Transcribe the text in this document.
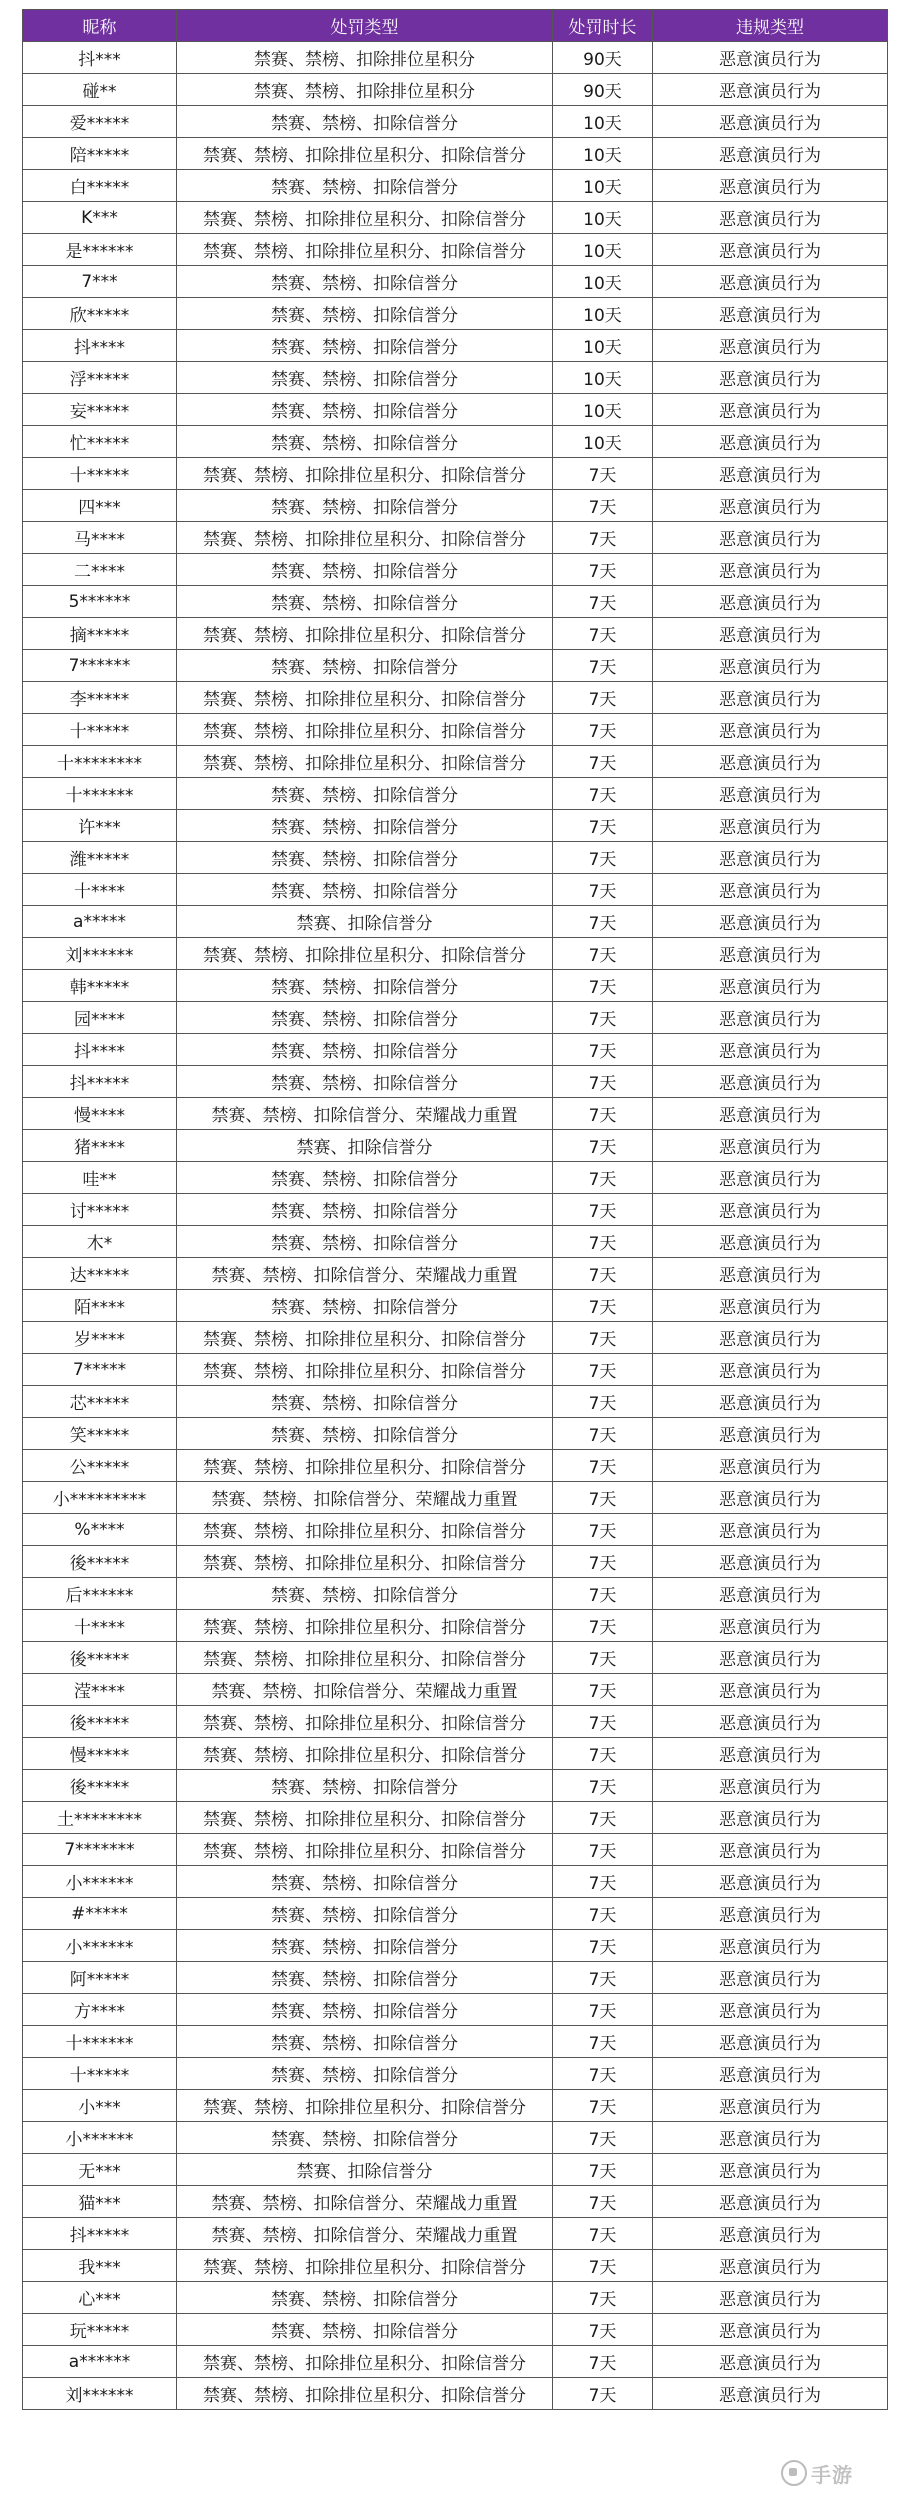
昵称	处罚类型	处罚时长	违规类型
抖***	禁赛、禁榜、扣除排位星积分	90天	恶意演员行为
碰**	禁赛、禁榜、扣除排位星积分	90天	恶意演员行为
爱*****	禁赛、禁榜、扣除信誉分	10天	恶意演员行为
陪*****	禁赛、禁榜、扣除排位星积分、扣除信誉分	10天	恶意演员行为
白*****	禁赛、禁榜、扣除信誉分	10天	恶意演员行为
K***	禁赛、禁榜、扣除排位星积分、扣除信誉分	10天	恶意演员行为
是******	禁赛、禁榜、扣除排位星积分、扣除信誉分	10天	恶意演员行为
7***	禁赛、禁榜、扣除信誉分	10天	恶意演员行为
欣*****	禁赛、禁榜、扣除信誉分	10天	恶意演员行为
抖****	禁赛、禁榜、扣除信誉分	10天	恶意演员行为
浮*****	禁赛、禁榜、扣除信誉分	10天	恶意演员行为
妄*****	禁赛、禁榜、扣除信誉分	10天	恶意演员行为
忙*****	禁赛、禁榜、扣除信誉分	10天	恶意演员行为
十*****	禁赛、禁榜、扣除排位星积分、扣除信誉分	7天	恶意演员行为
四***	禁赛、禁榜、扣除信誉分	7天	恶意演员行为
马****	禁赛、禁榜、扣除排位星积分、扣除信誉分	7天	恶意演员行为
二****	禁赛、禁榜、扣除信誉分	7天	恶意演员行为
5******	禁赛、禁榜、扣除信誉分	7天	恶意演员行为
摘*****	禁赛、禁榜、扣除排位星积分、扣除信誉分	7天	恶意演员行为
7******	禁赛、禁榜、扣除信誉分	7天	恶意演员行为
李*****	禁赛、禁榜、扣除排位星积分、扣除信誉分	7天	恶意演员行为
十*****	禁赛、禁榜、扣除排位星积分、扣除信誉分	7天	恶意演员行为
十********	禁赛、禁榜、扣除排位星积分、扣除信誉分	7天	恶意演员行为
十******	禁赛、禁榜、扣除信誉分	7天	恶意演员行为
许***	禁赛、禁榜、扣除信誉分	7天	恶意演员行为
潍*****	禁赛、禁榜、扣除信誉分	7天	恶意演员行为
十****	禁赛、禁榜、扣除信誉分	7天	恶意演员行为
a*****	禁赛、扣除信誉分	7天	恶意演员行为
刘******	禁赛、禁榜、扣除排位星积分、扣除信誉分	7天	恶意演员行为
韩*****	禁赛、禁榜、扣除信誉分	7天	恶意演员行为
园****	禁赛、禁榜、扣除信誉分	7天	恶意演员行为
抖****	禁赛、禁榜、扣除信誉分	7天	恶意演员行为
抖*****	禁赛、禁榜、扣除信誉分	7天	恶意演员行为
慢****	禁赛、禁榜、扣除信誉分、荣耀战力重置	7天	恶意演员行为
猪****	禁赛、扣除信誉分	7天	恶意演员行为
哇**	禁赛、禁榜、扣除信誉分	7天	恶意演员行为
讨*****	禁赛、禁榜、扣除信誉分	7天	恶意演员行为
木*	禁赛、禁榜、扣除信誉分	7天	恶意演员行为
达*****	禁赛、禁榜、扣除信誉分、荣耀战力重置	7天	恶意演员行为
陌****	禁赛、禁榜、扣除信誉分	7天	恶意演员行为
岁****	禁赛、禁榜、扣除排位星积分、扣除信誉分	7天	恶意演员行为
7*****	禁赛、禁榜、扣除排位星积分、扣除信誉分	7天	恶意演员行为
芯*****	禁赛、禁榜、扣除信誉分	7天	恶意演员行为
笑*****	禁赛、禁榜、扣除信誉分	7天	恶意演员行为
公*****	禁赛、禁榜、扣除排位星积分、扣除信誉分	7天	恶意演员行为
小*********	禁赛、禁榜、扣除信誉分、荣耀战力重置	7天	恶意演员行为
%****	禁赛、禁榜、扣除排位星积分、扣除信誉分	7天	恶意演员行为
後*****	禁赛、禁榜、扣除排位星积分、扣除信誉分	7天	恶意演员行为
后******	禁赛、禁榜、扣除信誉分	7天	恶意演员行为
十****	禁赛、禁榜、扣除排位星积分、扣除信誉分	7天	恶意演员行为
後*****	禁赛、禁榜、扣除排位星积分、扣除信誉分	7天	恶意演员行为
滢****	禁赛、禁榜、扣除信誉分、荣耀战力重置	7天	恶意演员行为
後*****	禁赛、禁榜、扣除排位星积分、扣除信誉分	7天	恶意演员行为
慢*****	禁赛、禁榜、扣除排位星积分、扣除信誉分	7天	恶意演员行为
後*****	禁赛、禁榜、扣除信誉分	7天	恶意演员行为
土********	禁赛、禁榜、扣除排位星积分、扣除信誉分	7天	恶意演员行为
7*******	禁赛、禁榜、扣除排位星积分、扣除信誉分	7天	恶意演员行为
小******	禁赛、禁榜、扣除信誉分	7天	恶意演员行为
#*****	禁赛、禁榜、扣除信誉分	7天	恶意演员行为
小******	禁赛、禁榜、扣除信誉分	7天	恶意演员行为
阿*****	禁赛、禁榜、扣除信誉分	7天	恶意演员行为
方****	禁赛、禁榜、扣除信誉分	7天	恶意演员行为
十******	禁赛、禁榜、扣除信誉分	7天	恶意演员行为
十*****	禁赛、禁榜、扣除信誉分	7天	恶意演员行为
小***	禁赛、禁榜、扣除排位星积分、扣除信誉分	7天	恶意演员行为
小******	禁赛、禁榜、扣除信誉分	7天	恶意演员行为
无***	禁赛、扣除信誉分	7天	恶意演员行为
猫***	禁赛、禁榜、扣除信誉分、荣耀战力重置	7天	恶意演员行为
抖*****	禁赛、禁榜、扣除信誉分、荣耀战力重置	7天	恶意演员行为
我***	禁赛、禁榜、扣除排位星积分、扣除信誉分	7天	恶意演员行为
心***	禁赛、禁榜、扣除信誉分	7天	恶意演员行为
玩*****	禁赛、禁榜、扣除信誉分	7天	恶意演员行为
a******	禁赛、禁榜、扣除排位星积分、扣除信誉分	7天	恶意演员行为
刘******	禁赛、禁榜、扣除排位星积分、扣除信誉分	7天	恶意演员行为
手游
